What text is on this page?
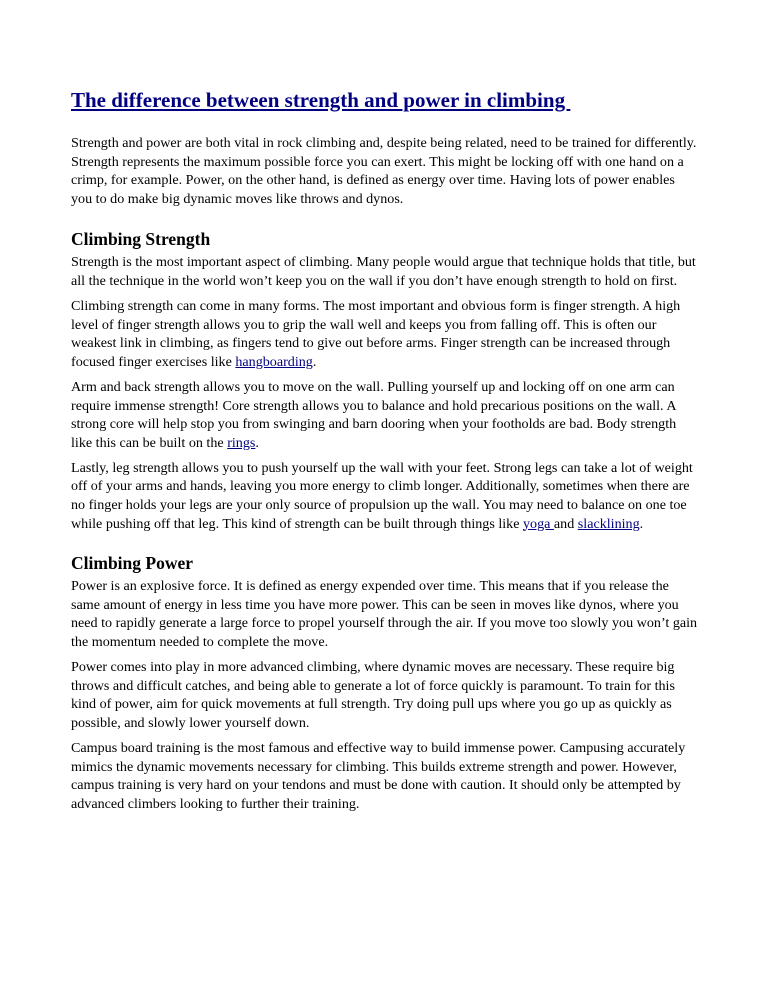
The difference between strength and power in climbing

Strength and power are both vital in rock climbing and, despite being related, need to be trained for differently. Strength represents the maximum possible force you can exert. This might be locking off with one hand on a crimp, for example. Power, on the other hand, is defined as energy over time. Having lots of power enables you to do make big dynamic moves like throws and dynos.

Climbing Strength

Strength is the most important aspect of climbing. Many people would argue that technique holds that title, but all the technique in the world won’t keep you on the wall if you don’t have enough strength to hold on first.

Climbing strength can come in many forms. The most important and obvious form is finger strength. A high level of finger strength allows you to grip the wall well and keeps you from falling off. This is often our weakest link in climbing, as fingers tend to give out before arms. Finger strength can be increased through focused finger exercises like hangboarding.

Arm and back strength allows you to move on the wall. Pulling yourself up and locking off on one arm can require immense strength! Core strength allows you to balance and hold precarious positions on the wall. A strong core will help stop you from swinging and barn dooring when your footholds are bad. Body strength like this can be built on the rings.

Lastly, leg strength allows you to push yourself up the wall with your feet. Strong legs can take a lot of weight off of your arms and hands, leaving you more energy to climb longer. Additionally, sometimes when there are no finger holds your legs are your only source of propulsion up the wall. You may need to balance on one toe while pushing off that leg. This kind of strength can be built through things like yoga and slacklining.

Climbing Power

Power is an explosive force. It is defined as energy expended over time. This means that if you release the same amount of energy in less time you have more power. This can be seen in moves like dynos, where you need to rapidly generate a large force to propel yourself through the air. If you move too slowly you won’t gain the momentum needed to complete the move.

Power comes into play in more advanced climbing, where dynamic moves are necessary. These require big throws and difficult catches, and being able to generate a lot of force quickly is paramount. To train for this kind of power, aim for quick movements at full strength. Try doing pull ups where you go up as quickly as possible, and slowly lower yourself down.

Campus board training is the most famous and effective way to build immense power. Campusing accurately mimics the dynamic movements necessary for climbing. This builds extreme strength and power. However, campus training is very hard on your tendons and must be done with caution. It should only be attempted by advanced climbers looking to further their training.
